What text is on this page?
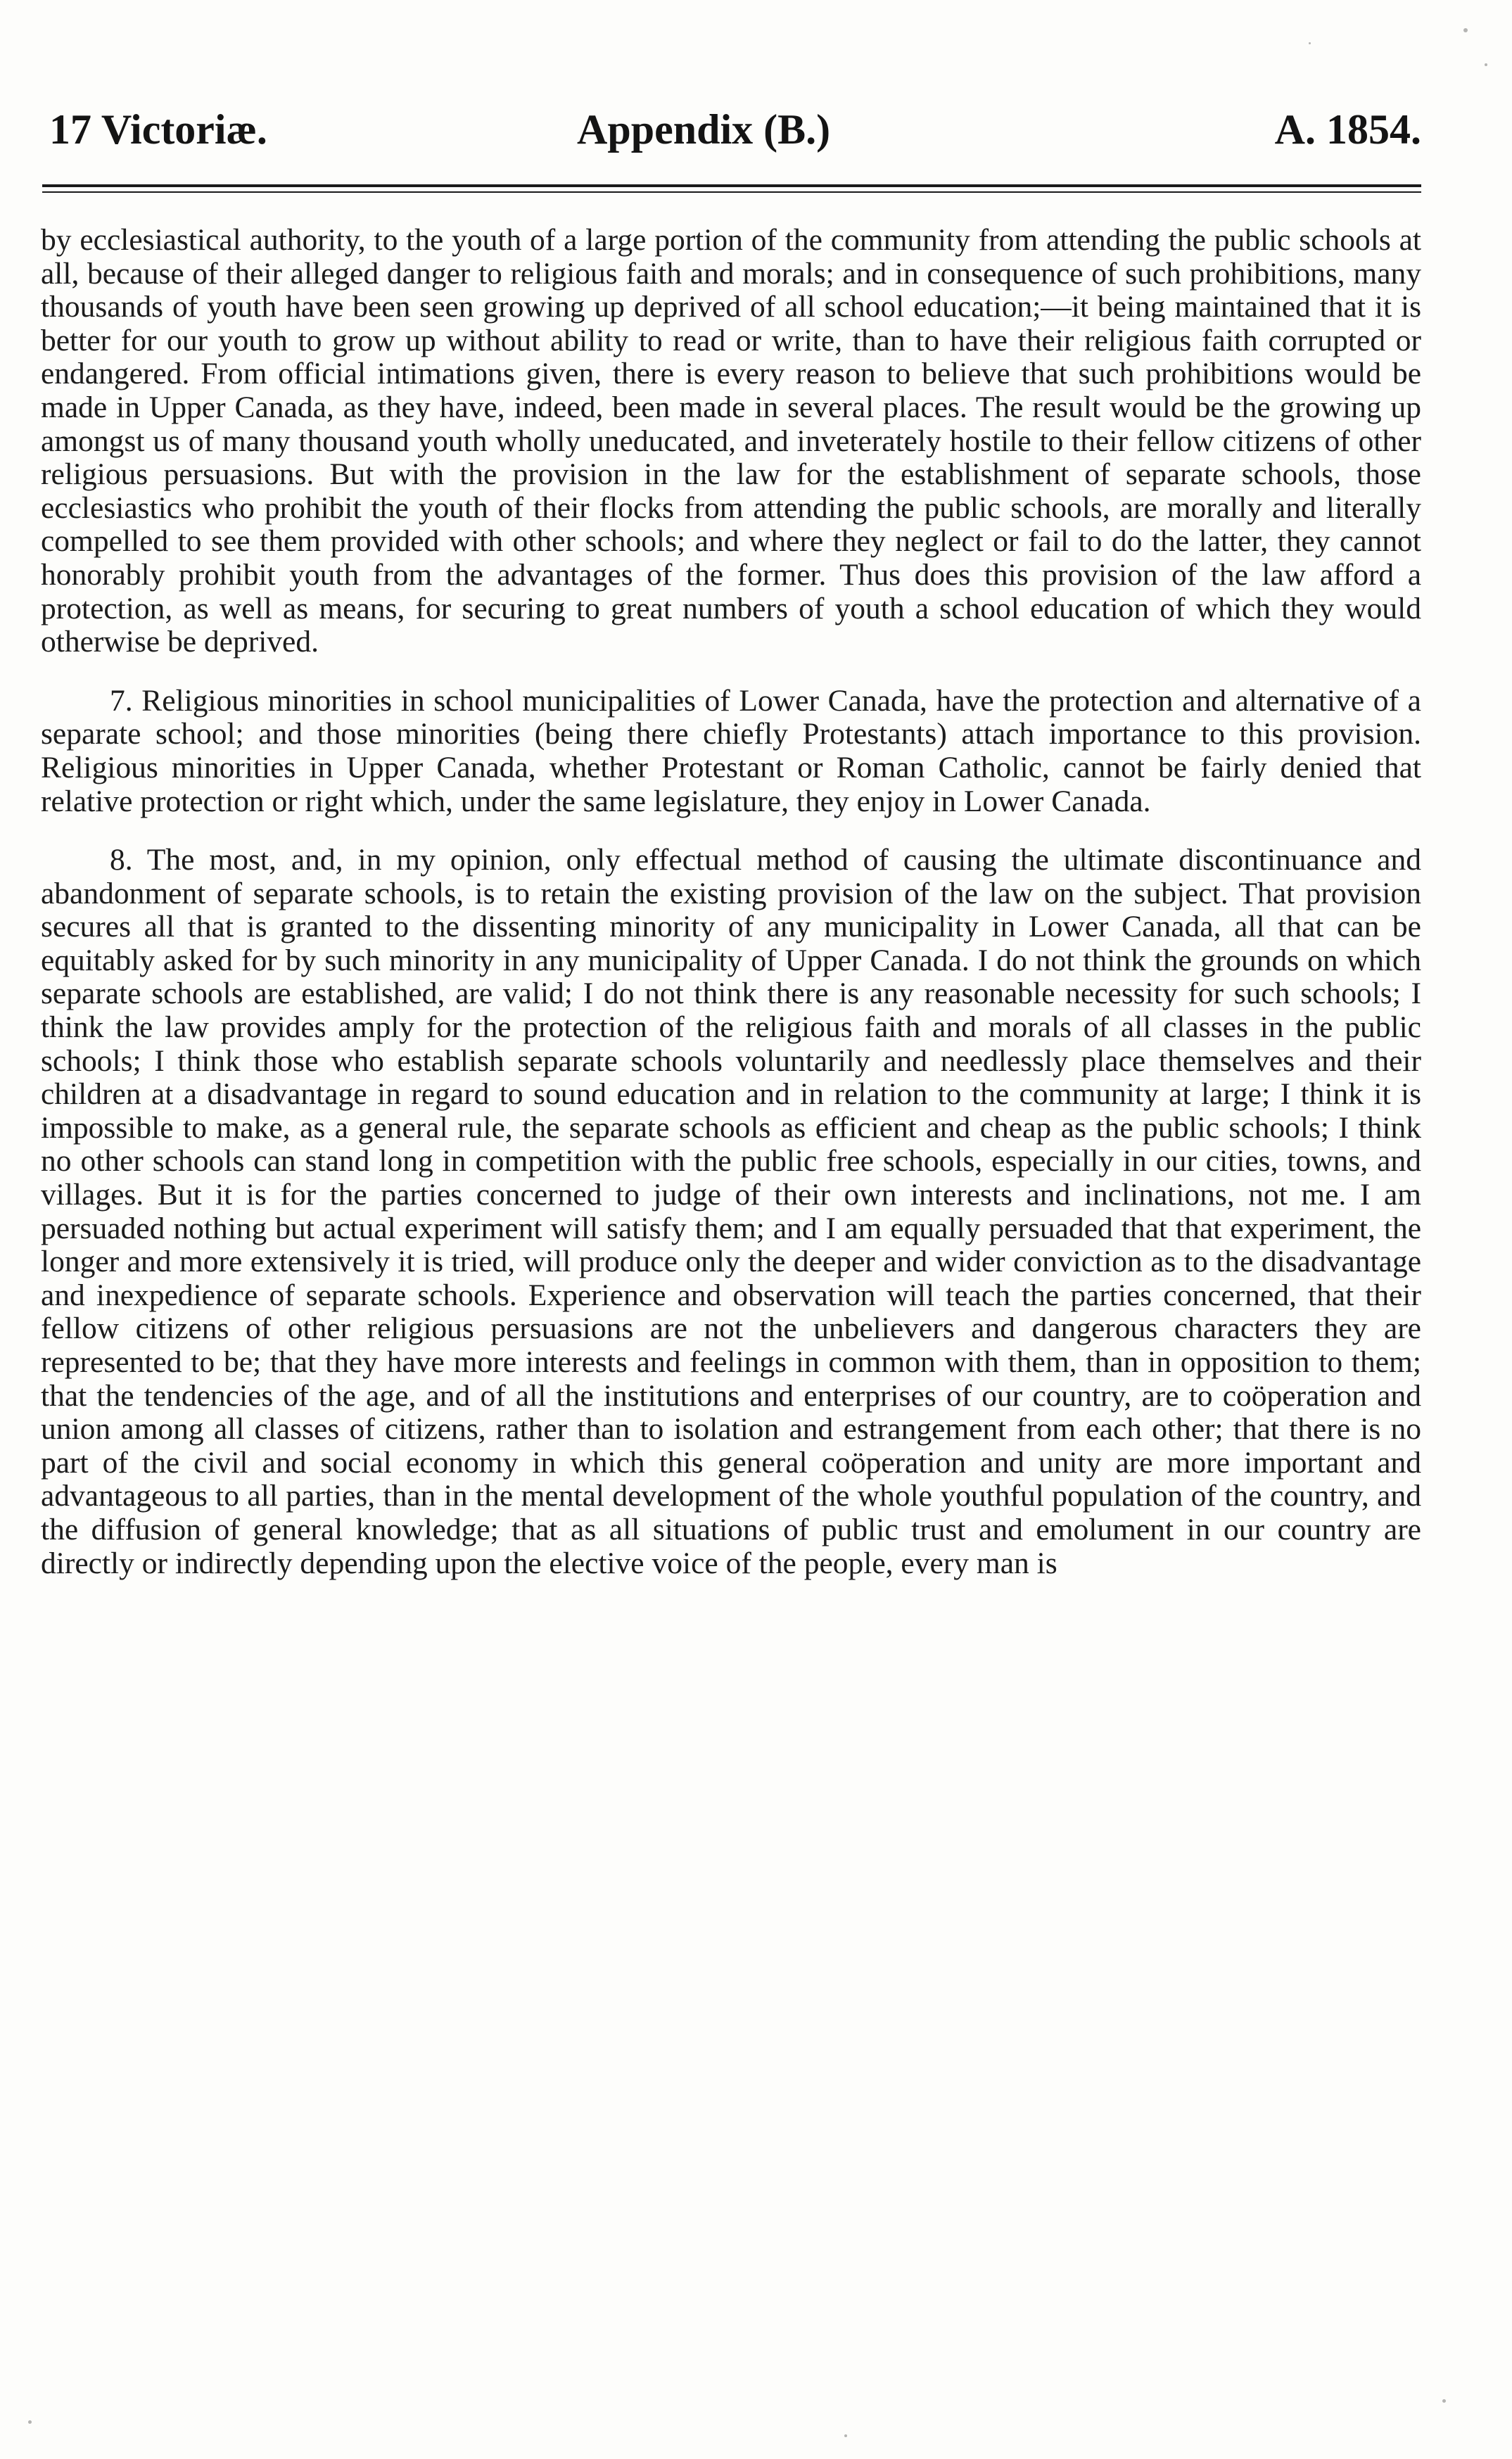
17 Victoriæ.	Appendix (B.)	A. 1854.

by ecclesiastical authority, to the youth of a large portion of the community from attending the public schools at all, because of their alleged danger to religious faith and morals; and in consequence of such prohibitions, many thousands of youth have been seen growing up deprived of all school education;—it being maintained that it is better for our youth to grow up without ability to read or write, than to have their religious faith corrupted or endangered. From official intimations given, there is every reason to believe that such prohibitions would be made in Upper Canada, as they have, indeed, been made in several places. The result would be the growing up amongst us of many thousand youth wholly uneducated, and inveterately hostile to their fellow citizens of other religious persuasions. But with the provision in the law for the establishment of separate schools, those ecclesiastics who prohibit the youth of their flocks from attending the public schools, are morally and literally compelled to see them provided with other schools; and where they neglect or fail to do the latter, they cannot honorably prohibit youth from the advantages of the former. Thus does this provision of the law afford a protection, as well as means, for securing to great numbers of youth a school education of which they would otherwise be deprived.

7. Religious minorities in school municipalities of Lower Canada, have the protection and alternative of a separate school; and those minorities (being there chiefly Protestants) attach importance to this provision. Religious minorities in Upper Canada, whether Protestant or Roman Catholic, cannot be fairly denied that relative protection or right which, under the same legislature, they enjoy in Lower Canada.

8. The most, and, in my opinion, only effectual method of causing the ultimate discontinuance and abandonment of separate schools, is to retain the existing provision of the law on the subject. That provision secures all that is granted to the dissenting minority of any municipality in Lower Canada, all that can be equitably asked for by such minority in any municipality of Upper Canada. I do not think the grounds on which separate schools are established, are valid; I do not think there is any reasonable necessity for such schools; I think the law provides amply for the protection of the religious faith and morals of all classes in the public schools; I think those who establish separate schools voluntarily and needlessly place themselves and their children at a disadvantage in regard to sound education and in relation to the community at large; I think it is impossible to make, as a general rule, the separate schools as efficient and cheap as the public schools; I think no other schools can stand long in competition with the public free schools, especially in our cities, towns, and villages. But it is for the parties concerned to judge of their own interests and inclinations, not me. I am persuaded nothing but actual experiment will satisfy them; and I am equally persuaded that that experiment, the longer and more extensively it is tried, will produce only the deeper and wider conviction as to the disadvantage and inexpedience of separate schools. Experience and observation will teach the parties concerned, that their fellow citizens of other religious persuasions are not the unbelievers and dangerous characters they are represented to be; that they have more interests and feelings in common with them, than in opposition to them; that the tendencies of the age, and of all the institutions and enterprises of our country, are to coöperation and union among all classes of citizens, rather than to isolation and estrangement from each other; that there is no part of the civil and social economy in which this general coöperation and unity are more important and advantageous to all parties, than in the mental development of the whole youthful population of the country, and the diffusion of general knowledge; that as all situations of public trust and emolument in our country are directly or indirectly depending upon the elective voice of the people, every man is
